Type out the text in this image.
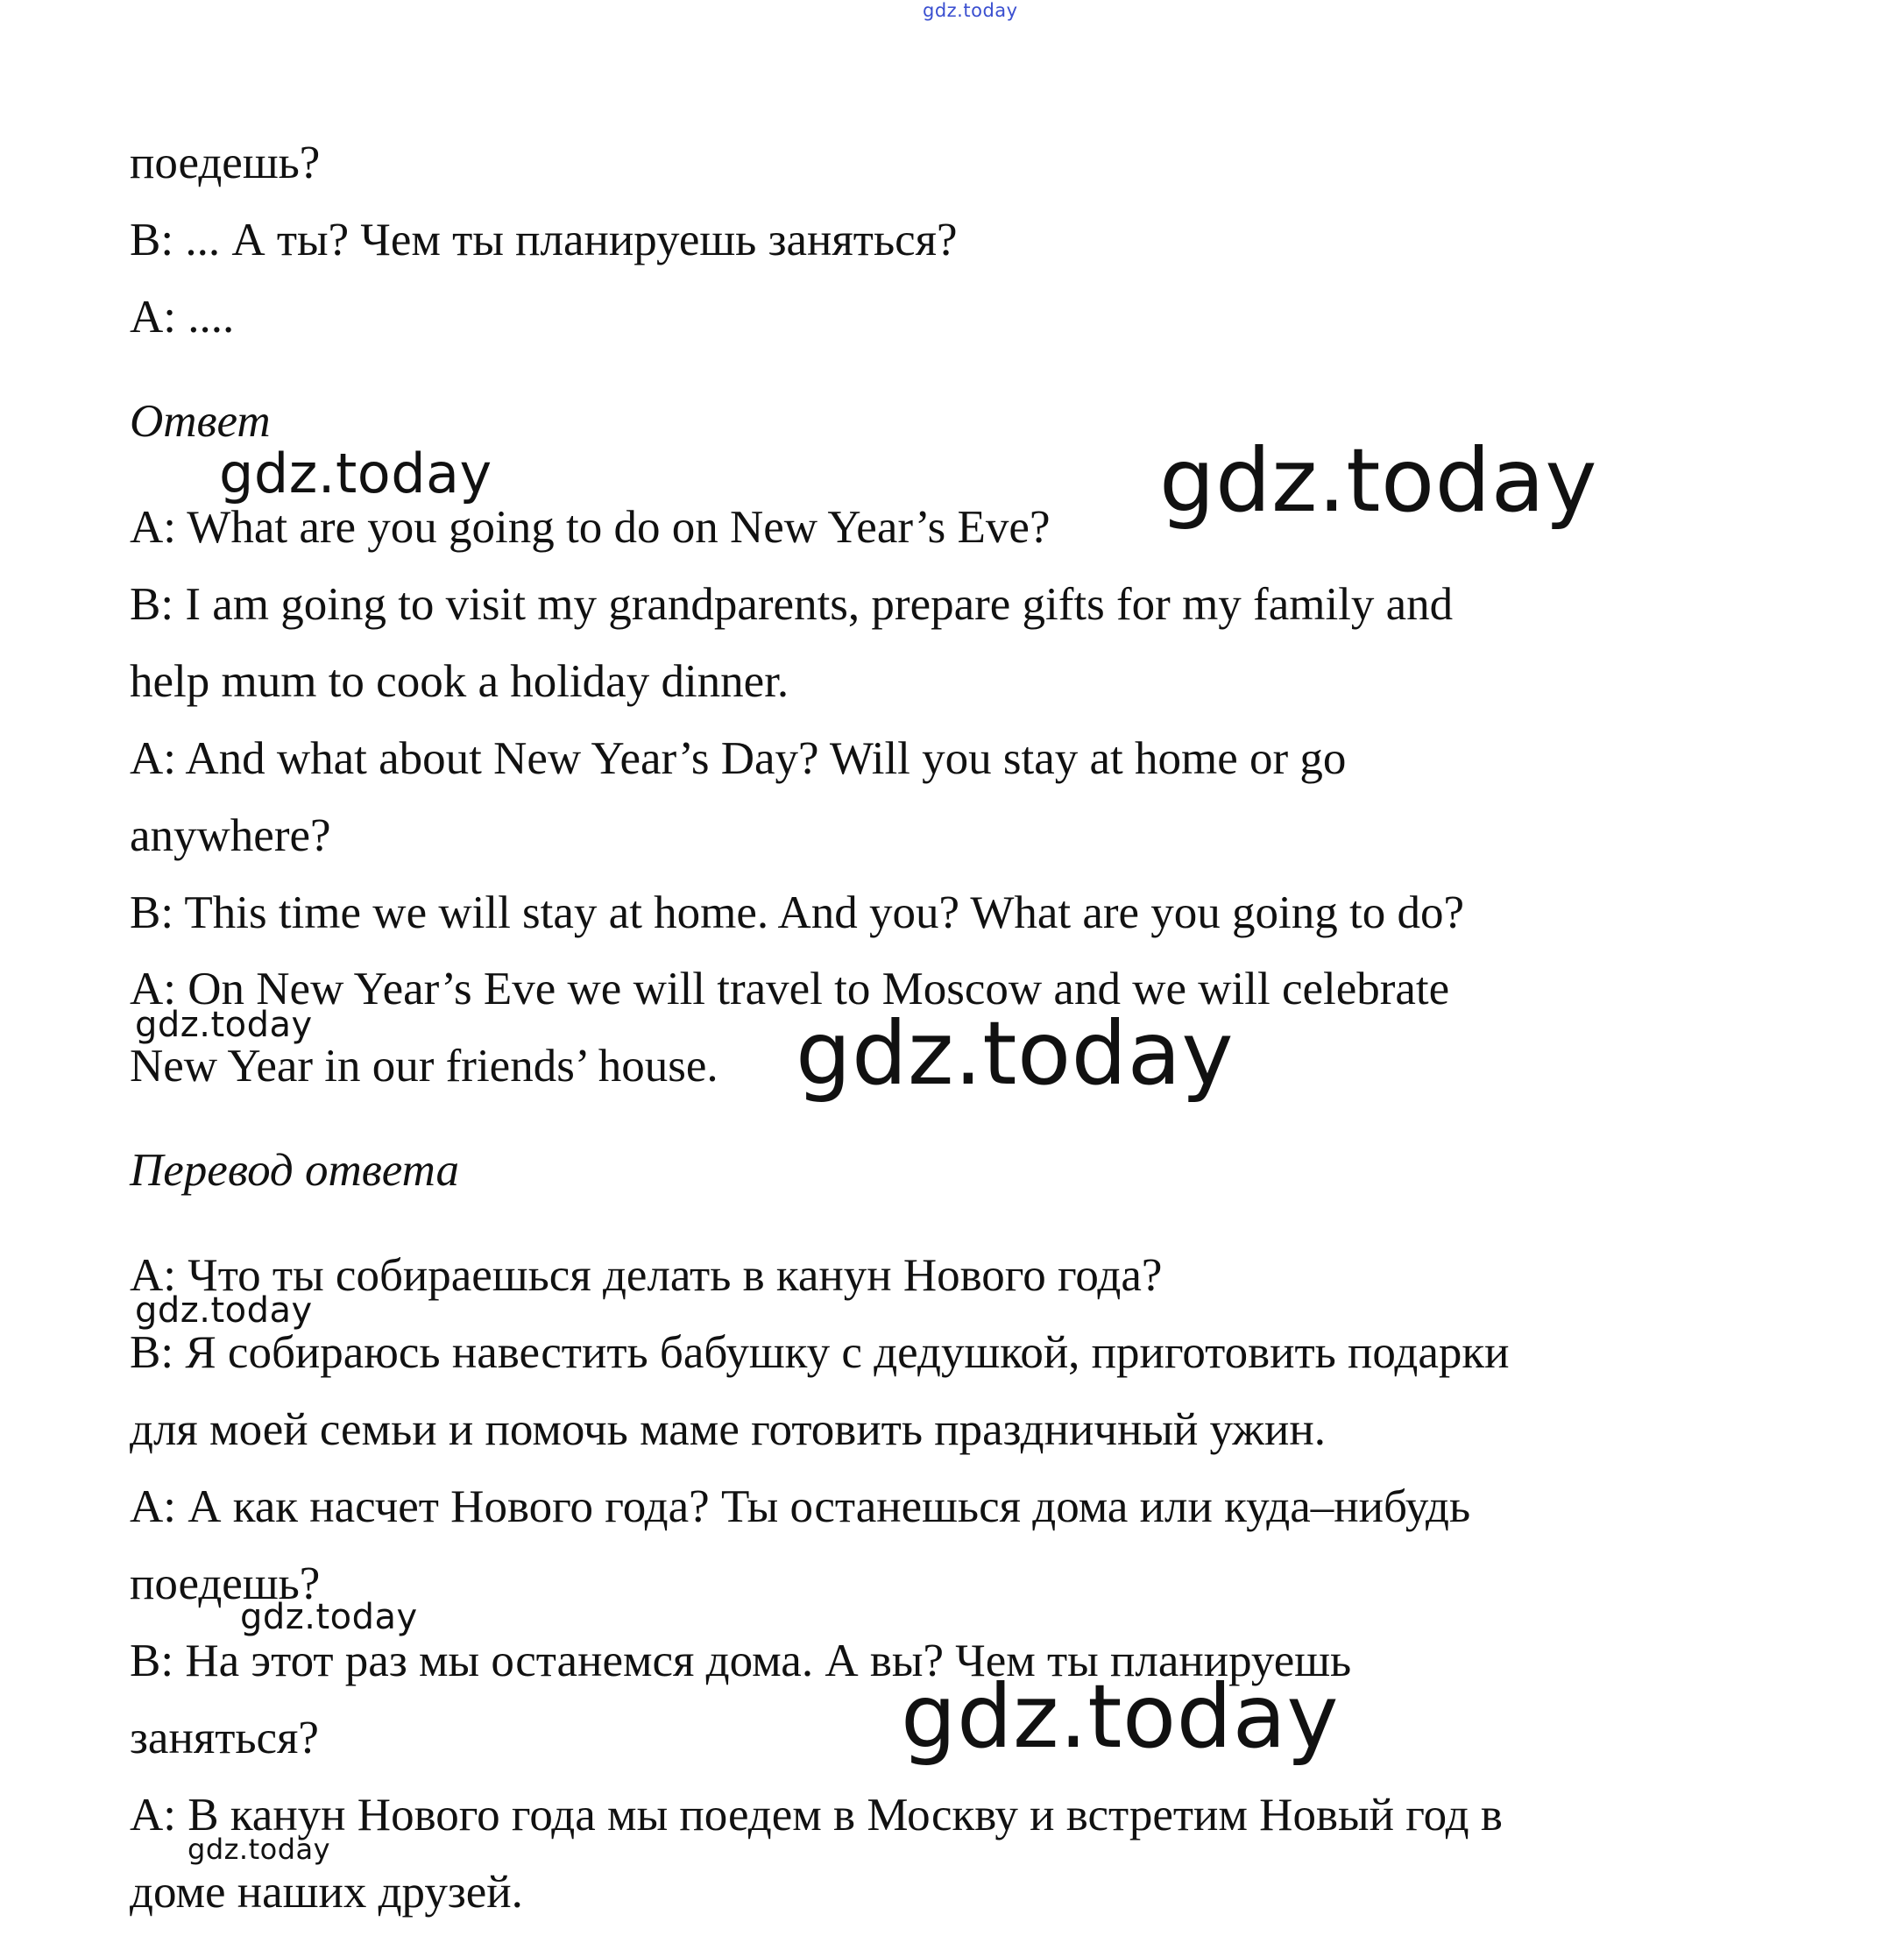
gdz.today

поедешь?

B: ... А ты? Чем ты планируешь заняться?

A: ....

Ответ

gdz.today	gdz.today

A: What are you going to do on New Year’s Eve?

B: I am going to visit my grandparents, prepare gifts for my family and

help mum to cook a holiday dinner.

A: And what about New Year’s Day? Will you stay at home or go

anywhere?

B: This time we will stay at home. And you? What are you going to do?

A: On New Year’s Eve we will travel to Moscow and we will celebrate

gdz.today

New Year in our friends’ house. gdz.today

Перевод ответа

A: Что ты собираешься делать в канун Нового года?

gdz.today

B: Я собираюсь навестить бабушку с дедушкой, приготовить подарки

для моей семьи и помочь маме готовить праздничный ужин.

A: А как насчет Нового года? Ты останешься дома или куда–нибудь

поедешь?

gdz.today

B: На этот раз мы останемся дома. А вы? Чем ты планируешь

заняться?	gdz.today

A: В канун Нового года мы поедем в Москву и встретим Новый год в

gdz.today

доме наших друзей.
